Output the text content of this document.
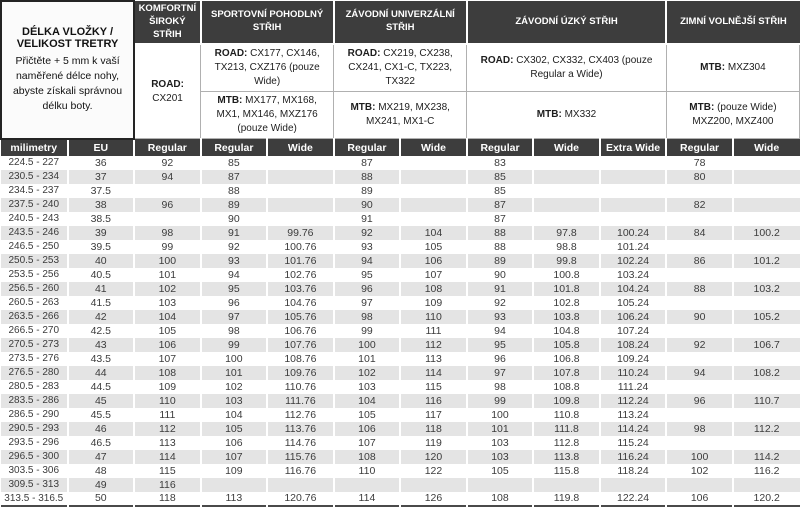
DÉLKA VLOŽKY / VELIKOST TRETRY
Přičtěte + 5 mm k vaší naměřené délce nohy, abyste získali správnou délku boty.		KOMFORTNÍ ŠIROKÝ STŘIH	SPORTOVNÍ POHODLNÝ STŘIH		ZÁVODNÍ UNIVERZÁLNÍ STŘIH		ZÁVODNÍ ÚZKÝ STŘIH			ZIMNÍ VOLNĚJŠÍ STŘIH	
		ROAD: CX201	ROAD: CX177, CX146, TX213, CXZ176 (pouze Wide)		ROAD: CX219, CX238, CX241, CX1-C, TX223, TX322		ROAD: CX302, CX332, CX403 (pouze Regular a Wide)			MTB: MXZ304	
			MTB: MX177, MX168, MX1, MX146, MXZ176 (pouze Wide)		MTB: MX219, MX238, MX241, MX1-C		MTB: MX332			MTB: (pouze Wide) MXZ200, MXZ400	
milimetry	EU	Regular	Regular	Wide	Regular	Wide	Regular	Wide	Extra Wide	Regular	Wide
224.5 - 227	36	92	85		87		83			78	
230.5 - 234	37	94	87		88		85			80	
234.5 - 237	37.5		88		89		85				
237.5 - 240	38	96	89		90		87			82	
240.5 - 243	38.5		90		91		87				
243.5 - 246	39	98	91	99.76	92	104	88	97.8	100.24	84	100.2
246.5 - 250	39.5	99	92	100.76	93	105	88	98.8	101.24		
250.5 - 253	40	100	93	101.76	94	106	89	99.8	102.24	86	101.2
253.5 - 256	40.5	101	94	102.76	95	107	90	100.8	103.24		
256.5 - 260	41	102	95	103.76	96	108	91	101.8	104.24	88	103.2
260.5 - 263	41.5	103	96	104.76	97	109	92	102.8	105.24		
263.5 - 266	42	104	97	105.76	98	110	93	103.8	106.24	90	105.2
266.5 - 270	42.5	105	98	106.76	99	111	94	104.8	107.24		
270.5 - 273	43	106	99	107.76	100	112	95	105.8	108.24	92	106.7
273.5 - 276	43.5	107	100	108.76	101	113	96	106.8	109.24		
276.5 - 280	44	108	101	109.76	102	114	97	107.8	110.24	94	108.2
280.5 - 283	44.5	109	102	110.76	103	115	98	108.8	111.24		
283.5 - 286	45	110	103	111.76	104	116	99	109.8	112.24	96	110.7
286.5 - 290	45.5	111	104	112.76	105	117	100	110.8	113.24		
290.5 - 293	46	112	105	113.76	106	118	101	111.8	114.24	98	112.2
293.5 - 296	46.5	113	106	114.76	107	119	103	112.8	115.24		
296.5 - 300	47	114	107	115.76	108	120	103	113.8	116.24	100	114.2
303.5 - 306	48	115	109	116.76	110	122	105	115.8	118.24	102	116.2
309.5 - 313	49	116									
313.5 - 316.5	50	118	113	120.76	114	126	108	119.8	122.24	106	120.2
